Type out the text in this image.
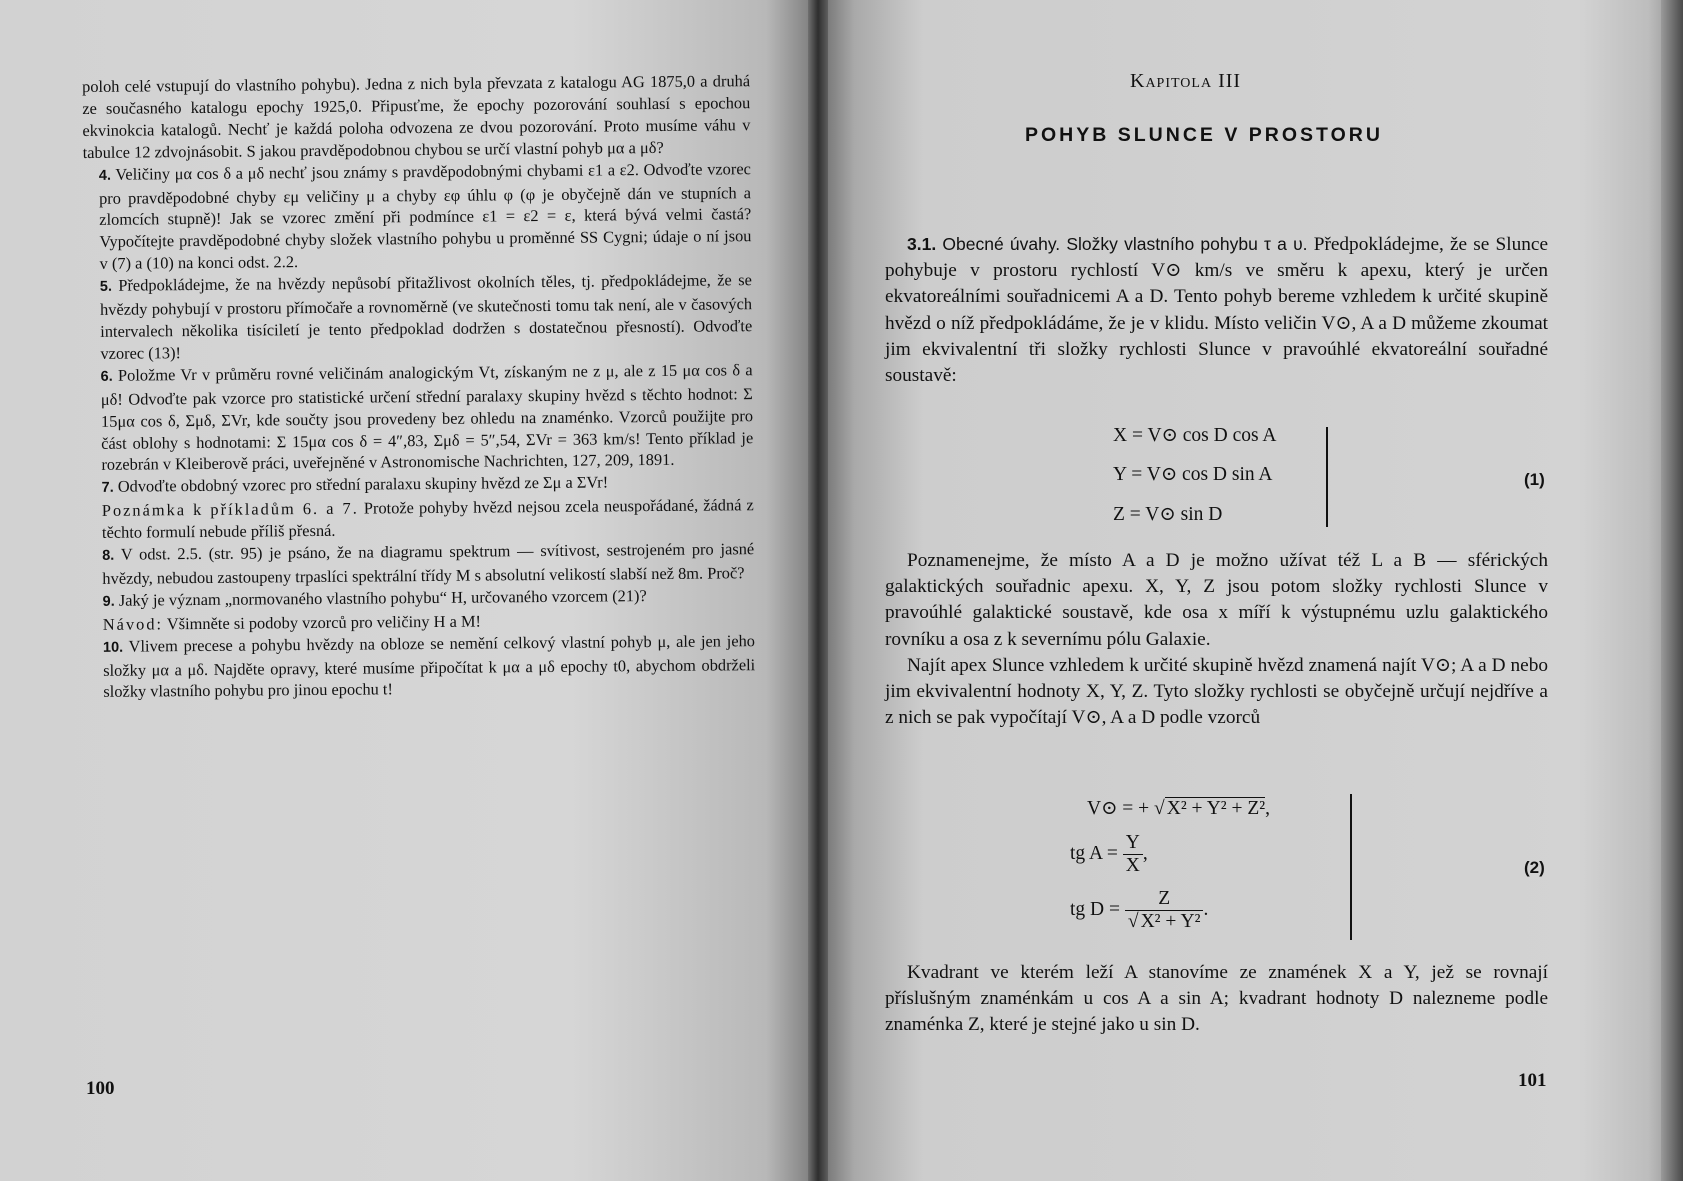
poloh celé vstupují do vlastního pohybu). Jedna z nich byla převzata z katalogu AG 1875,0 a druhá ze současného katalogu epochy 1925,0. Připusťme, že epochy pozorování souhlasí s epochou ekvinokcia katalogů. Nechť je každá poloha odvozena ze dvou pozorování. Proto musíme váhu v tabulce 12 zdvojnásobit. S jakou pravděpodobnou chybou se určí vlastní pohyb μα a μδ?

4. Veličiny μα cos δ a μδ nechť jsou známy s pravděpodobnými chybami ε1 a ε2. Odvoďte vzorec pro pravděpodobné chyby εμ veličiny μ a chyby εφ úhlu φ (φ je obyčejně dán ve stupních a zlomcích stupně)! Jak se vzorec změní při podmínce ε1 = ε2 = ε, která bývá velmi častá? Vypočítejte pravděpodobné chyby složek vlastního pohybu u proměnné SS Cygni; údaje o ní jsou v (7) a (10) na konci odst. 2.2.

5. Předpokládejme, že na hvězdy nepůsobí přitažlivost okolních těles, tj. předpokládejme, že se hvězdy pohybují v prostoru přímočaře a rovnoměrně (ve skutečnosti tomu tak není, ale v časových intervalech několika tisíciletí je tento předpoklad dodržen s dostatečnou přesností). Odvoďte vzorec (13)!

6. Položme Vr v průměru rovné veličinám analogickým Vt, získaným ne z μ, ale z 15 μα cos δ a μδ! Odvoďte pak vzorce pro statistické určení střední paralaxy skupiny hvězd s těchto hodnot: Σ 15μα cos δ, Σμδ, ΣVr, kde součty jsou provedeny bez ohledu na znaménko. Vzorců použijte pro část oblohy s hodnotami: Σ 15μα cos δ = 4″,83, Σμδ = 5″,54, ΣVr = 363 km/s! Tento příklad je rozebrán v Kleiberově práci, uveřejněné v Astronomische Nachrichten, 127, 209, 1891.

7. Odvoďte obdobný vzorec pro střední paralaxu skupiny hvězd ze Σμ a ΣVr!

Poznámka k příkladům 6. a 7. Protože pohyby hvězd nejsou zcela neuspořádané, žádná z těchto formulí nebude příliš přesná.

8. V odst. 2.5. (str. 95) je psáno, že na diagramu spektrum — svítivost, sestrojeném pro jasné hvězdy, nebudou zastoupeny trpaslíci spektrální třídy M s absolutní velikostí slabší než 8m. Proč?

9. Jaký je význam „normovaného vlastního pohybu“ H, určovaného vzorcem (21)?

Návod: Všimněte si podoby vzorců pro veličiny H a M!

10. Vlivem precese a pohybu hvězdy na obloze se nemění celkový vlastní pohyb μ, ale jen jeho složky μα a μδ. Najděte opravy, které musíme připočítat k μα a μδ epochy t0, abychom obdrželi složky vlastního pohybu pro jinou epochu t!

100
Kapitola III
POHYB SLUNCE V PROSTORU

3.1. Obecné úvahy. Složky vlastního pohybu τ a υ. Předpokládejme, že se Slunce pohybuje v prostoru rychlostí V⊙ km/s ve směru k apexu, který je určen ekvatoreálními souřadnicemi A a D. Tento pohyb bereme vzhledem k určité skupině hvězd o níž předpokládáme, že je v klidu. Místo veličin V⊙, A a D můžeme zkoumat jim ekvivalentní tři složky rychlosti Slunce v pravoúhlé ekvatoreální souřadné soustavě:

X = V⊙ cos D cos A
Y = V⊙ cos D sin A
Z = V⊙ sin D
(1)

Poznamenejme, že místo A a D je možno užívat též L a B — sférických galaktických souřadnic apexu. X, Y, Z jsou potom složky rychlosti Slunce v pravoúhlé galaktické soustavě, kde osa x míří k výstupnému uzlu galaktického rovníku a osa z k severnímu pólu Galaxie.

Najít apex Slunce vzhledem k určité skupině hvězd znamená najít V⊙; A a D nebo jim ekvivalentní hodnoty X, Y, Z. Tyto složky rychlosti se obyčejně určují nejdříve a z nich se pak vypočítají V⊙, A a D podle vzorců

V⊙ = + √ X² + Y² + Z²,
tg $A = \frac{Y}{X}$ ,
tg $D = \frac{Z}{\text{√ X² + Y²}}$ .
(2)

Kvadrant ve kterém leží A stanovíme ze znamének X a Y, jež se rovnají příslušným znaménkám u cos A a sin A; kvadrant hodnoty D nalezneme podle znaménka Z, které je stejné jako u sin D.

101
